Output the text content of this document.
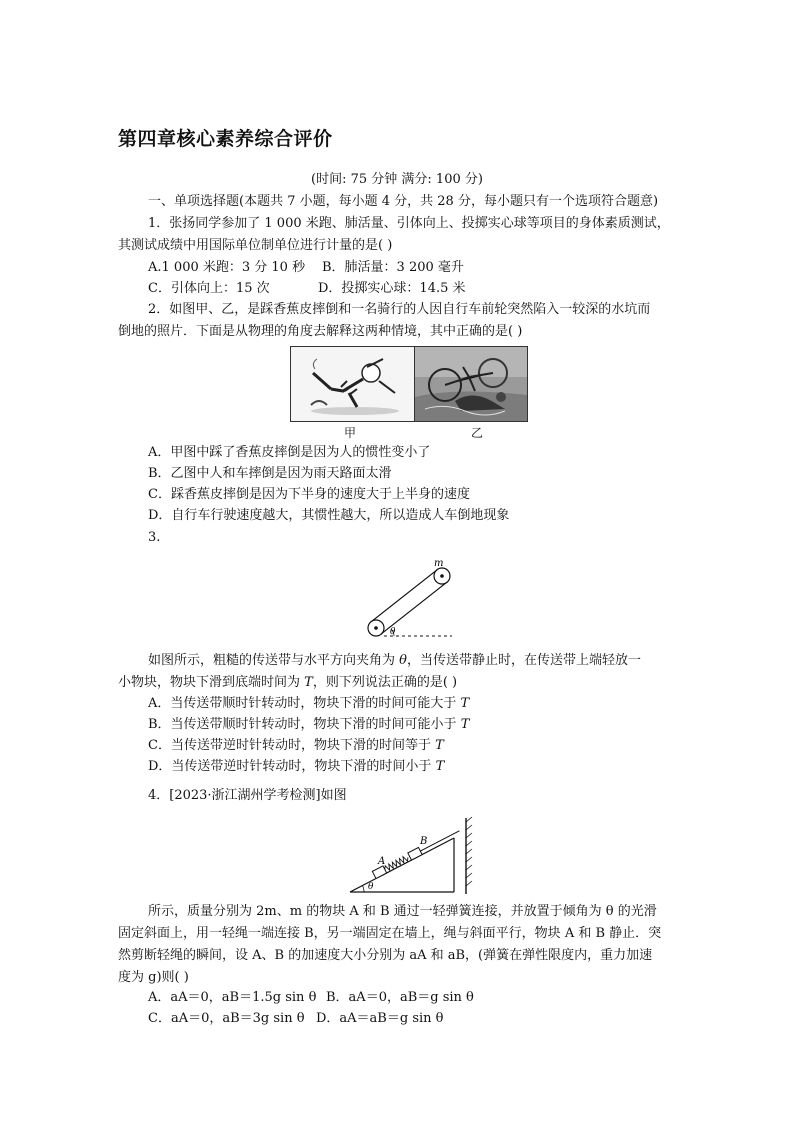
第四章核心素养综合评价
(时间: 75 分钟 满分: 100 分)
一、单项选择题(本题共 7 小题，每小题 4 分，共 28 分，每小题只有一个选项符合题意)
1．张扬同学参加了 1 000 米跑、肺活量、引体向上、投掷实心球等项目的身体素质测试，
其测试成绩中用国际单位制单位进行计量的是( )
A.1 000 米跑：3 分 10 秒 B．肺活量：3 200 毫升
C．引体向上：15 次	D．投掷实心球：14.5 米
2．如图甲、乙，是踩香蕉皮摔倒和一名骑行的人因自行车前轮突然陷入一较深的水坑而
倒地的照片．下面是从物理的角度去解释这两种情境，其中正确的是( )
甲	乙
A．甲图中踩了香蕉皮摔倒是因为人的惯性变小了
B．乙图中人和车摔倒是因为雨天路面太滑
C．踩香蕉皮摔倒是因为下半身的速度大于上半身的速度
D．自行车行驶速度越大，其惯性越大，所以造成人车倒地现象
3.
θ
m
如图所示，粗糙的传送带与水平方向夹角为 θ，当传送带静止时，在传送带上端轻放一
小物块，物块下滑到底端时间为 T，则下列说法正确的是( )
A．当传送带顺时针转动时，物块下滑的时间可能大于 T
B．当传送带顺时针转动时，物块下滑的时间可能小于 T
C．当传送带逆时针转动时，物块下滑的时间等于 T
D．当传送带逆时针转动时，物块下滑的时间小于 T
4．[2023·浙江湖州学考检测]如图
θ
A
B
所示，质量分别为 2m、m 的物块 A 和 B 通过一轻弹簧连接，并放置于倾角为 θ 的光滑
固定斜面上，用一轻绳一端连接 B，另一端固定在墙上，绳与斜面平行，物块 A 和 B 静止．突
然剪断轻绳的瞬间，设 A、B 的加速度大小分别为 aA 和 aB，(弹簧在弹性限度内，重力加速
度为 g)则( )
A．aA＝0，aB＝1.5g sin θ B．aA＝0，aB＝g sin θ
C．aA＝0，aB＝3g sin θ D．aA＝aB＝g sin θ
